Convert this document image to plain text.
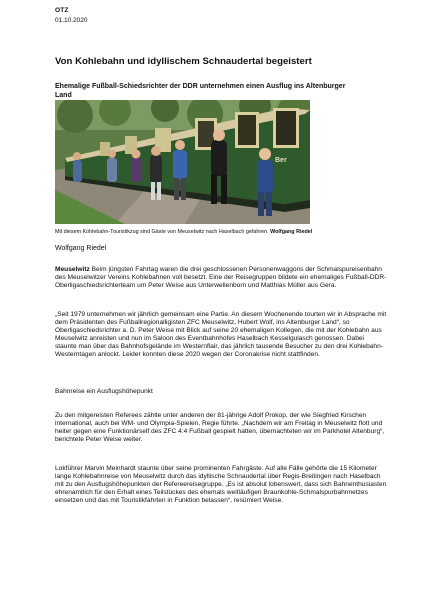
OTZ
01.10.2020
Von Kohlebahn und idyllischem Schnaudertal begeistert
Ehemalige Fußball-Schiedsrichter der DDR unternehmen einen Ausflug ins Altenburger Land
Ber
Mit diesem Kohlebahn-Touristikzug sind Gäste von Meuselwitz nach Haselbach gefahren. Wolfgang Riedel
Wolfgang Riedel

Meuselwitz Beim jüngsten Fahrtag waren die drei geschlossenen Personenwaggons der Schmalspureisenbahn des Meuselwitzer Vereins Kohlebahnen voll besetzt. Eine der Reisegruppen bildete ein ehemaliges Fußball-DDR-Oberligaschiedsrichterteam um Peter Weise aus Unterwellenborn und Matthias Müller aus Gera.

„Seit 1979 unternehmen wir jährlich gemeinsam eine Partie. An diesem Wochenende tourten wir in Absprache mit dem Präsidenten des Fußballregionalligisten ZFC Meuselwitz, Hubert Wolf, ins Altenburger Land“, so Oberligaschiedsrichter a. D. Peter Weise mit Blick auf seine 20 ehemaligen Kollegen, die mit der Kohlebahn aus Meuselwitz anreisten und nun im Saloon des Eventbahnhofes Haselbach Kesselgulasch genossen. Dabei staunte man über das Bahnhofsgelände im Westernflair, das jährlich tausende Besucher zu den drei Kohlebahn-Westerntagen anlockt. Leider konnten diese 2020 wegen der Coronakrise nicht stattfinden.

Bahnreise ein Ausflugshöhepunkt

Zu den mitgereisten Referees zählte unter anderen der 81-jährige Adolf Prokop, der wie Siegfried Kirschen international, auch bei WM- und Olympia-Spielen, Regie führte. „Nachdem wir am Freitag in Meuselwitz flott und heiter gegen eine Funktionärself des ZFC 4:4 Fußball gespielt hatten, übernachteten wir im Parkhotel Altenburg“, berichtete Peter Weise weiter.

Lokführer Marvin Meinhardt staunte über seine prominenten Fahrgäste. Auf alle Fälle gehörte die 15 Kilometer lange Kohlebahnreise von Meuselwitz durch das idyllische Schnaudertal über Regis-Breitingen nach Haselbach mit zu den Ausflugshöhepunkten der Refereereisegruppe. „Es ist absolut lobenswert, dass sich Bahnenthusiasten ehrenamtlich für den Erhalt eines Teilstückes des ehemals weitläufigen Braunkohle-Schmalspurbahnnetzes einsetzen und das mit Touristikfahrten in Funktion belassen“, resümiert Weise.
